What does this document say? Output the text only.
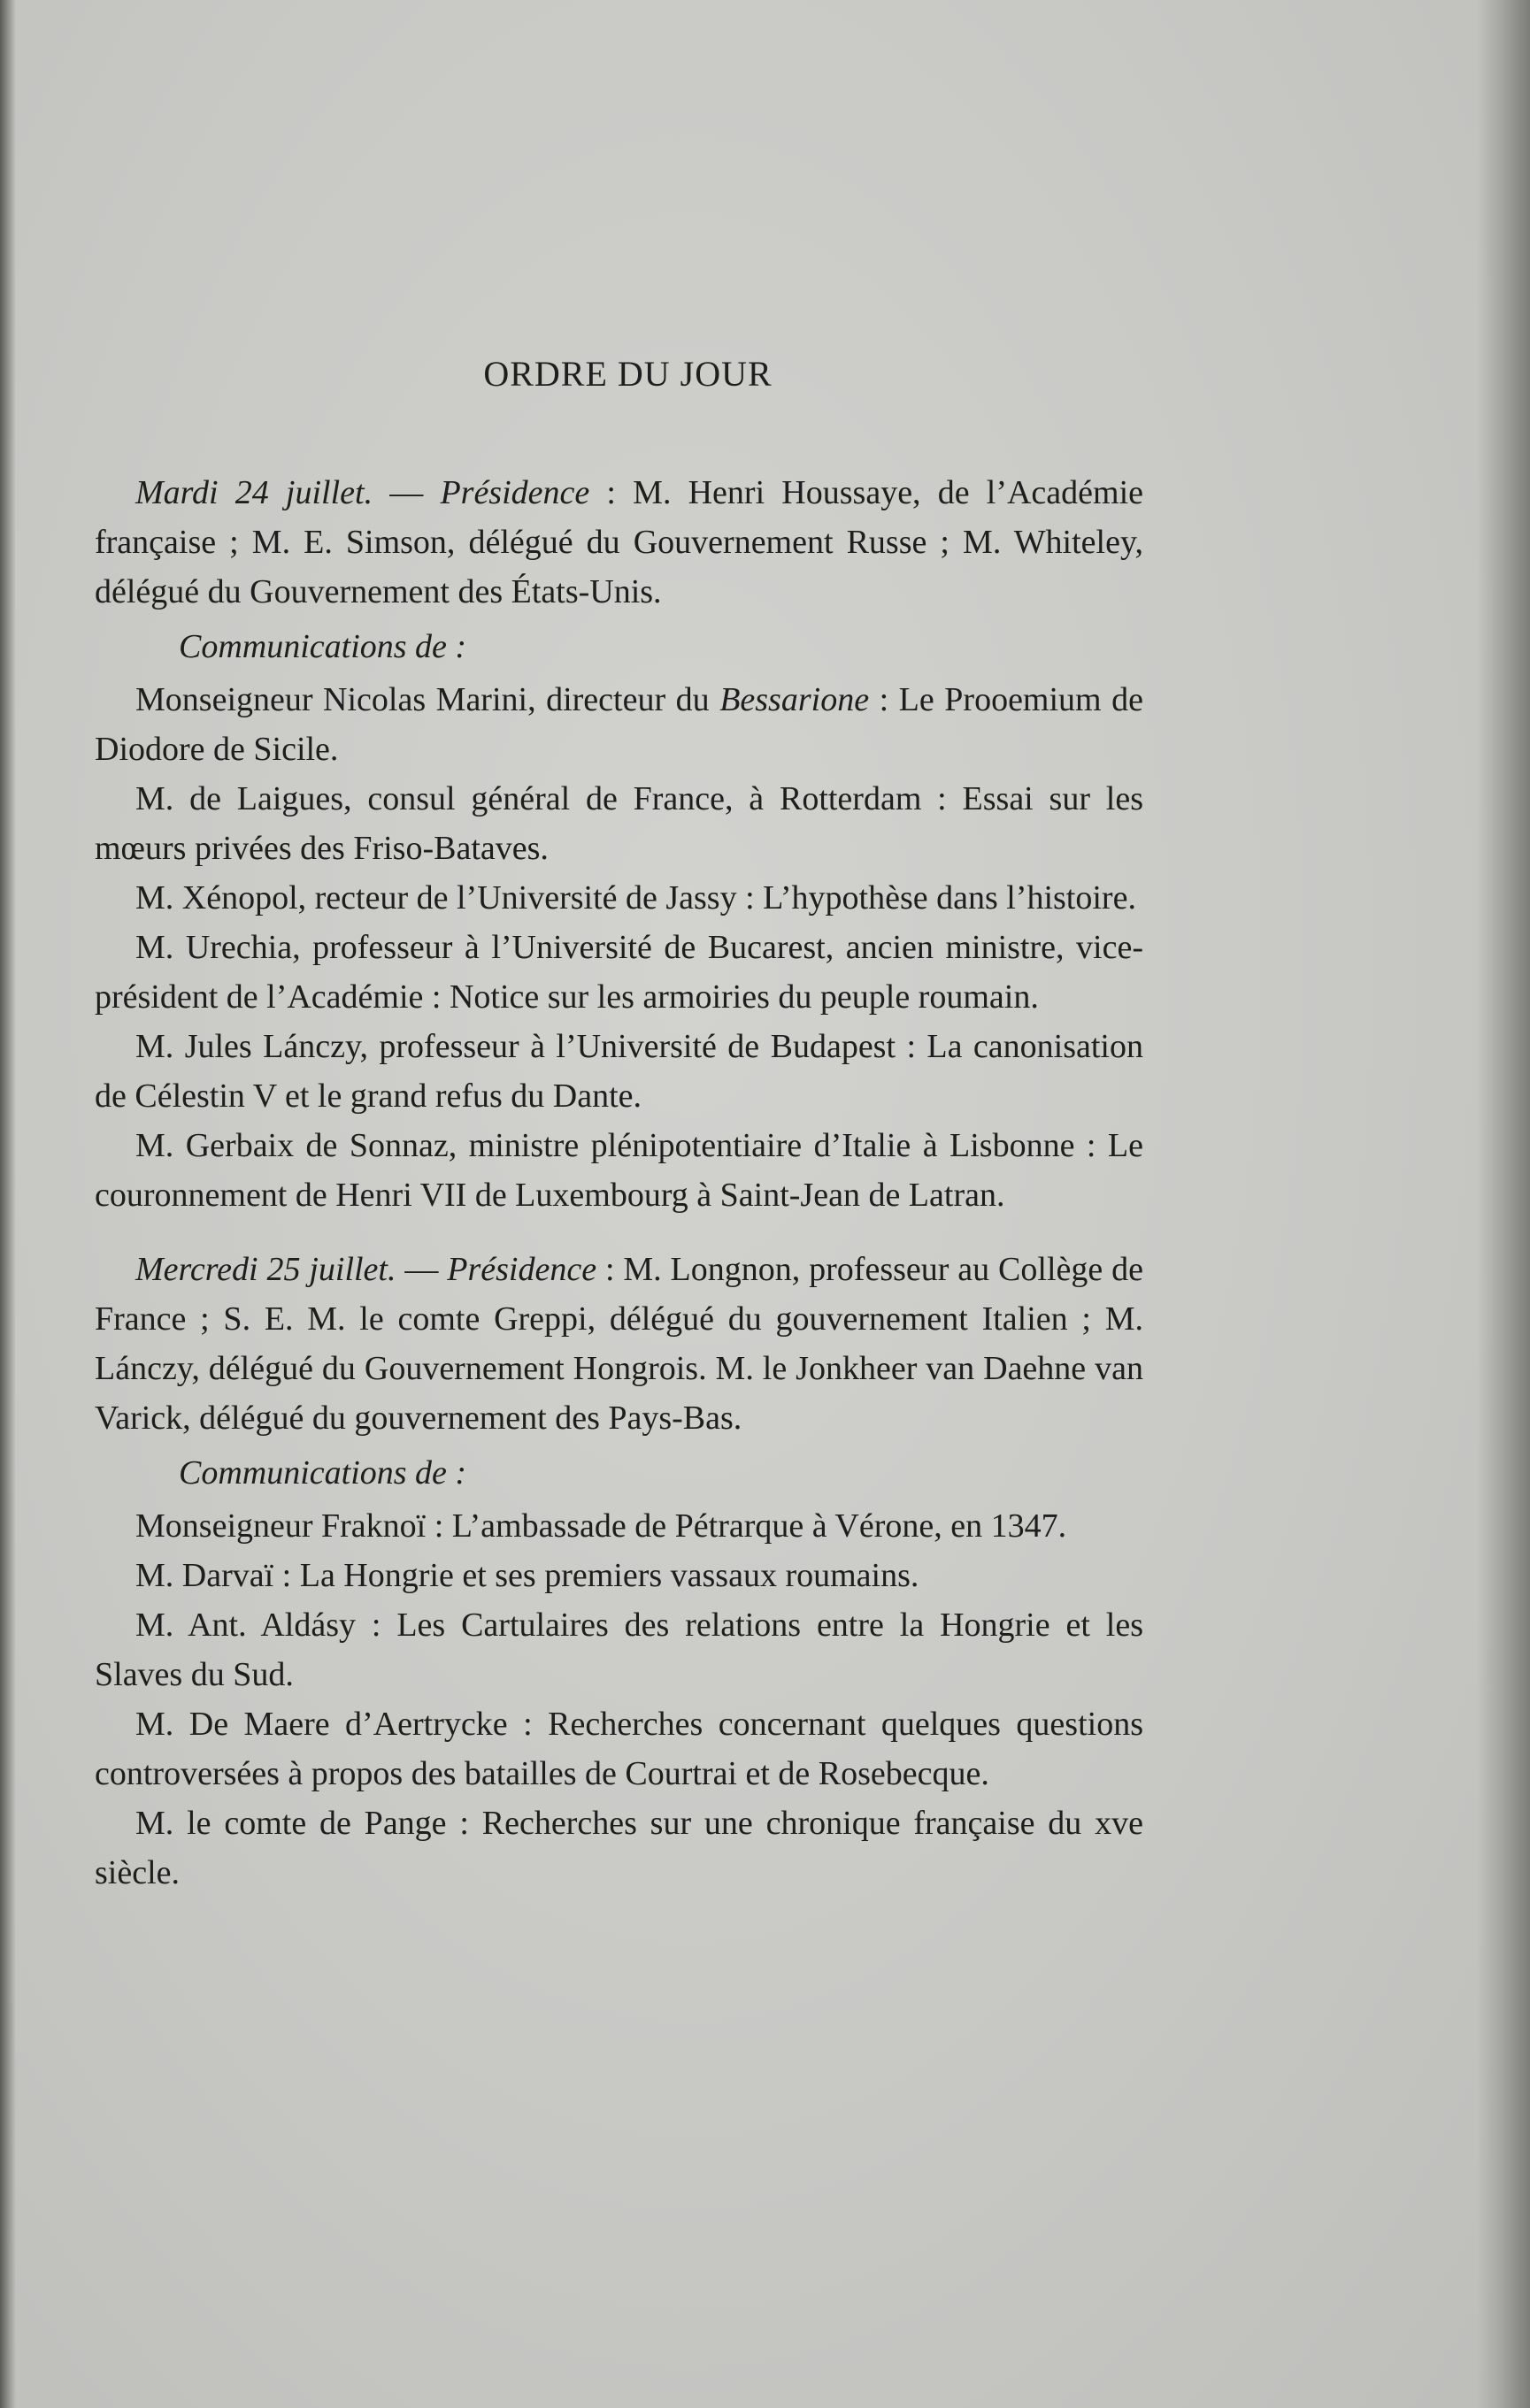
ORDRE DU JOUR

Mardi 24 juillet. — Présidence : M. Henri Houssaye, de l’Académie française ; M. E. Simson, délégué du Gouvernement Russe ; M. Whiteley, délégué du Gouvernement des États-Unis.

Communications de :

Monseigneur Nicolas Marini, directeur du Bessarione : Le Prooemium de Diodore de Sicile.

M. de Laigues, consul général de France, à Rotterdam : Essai sur les mœurs privées des Friso-Bataves.

M. Xénopol, recteur de l’Université de Jassy : L’hypothèse dans l’histoire.

M. Urechia, professeur à l’Université de Bucarest, ancien ministre, vice-président de l’Académie : Notice sur les armoiries du peuple roumain.

M. Jules Lánczy, professeur à l’Université de Budapest : La canonisation de Célestin V et le grand refus du Dante.

M. Gerbaix de Sonnaz, ministre plénipotentiaire d’Italie à Lisbonne : Le couronnement de Henri VII de Luxembourg à Saint-Jean de Latran.

Mercredi 25 juillet. — Présidence : M. Longnon, professeur au Collège de France ; S. E. M. le comte Greppi, délégué du gouvernement Italien ; M. Lánczy, délégué du Gouvernement Hongrois. M. le Jonkheer van Daehne van Varick, délégué du gouvernement des Pays-Bas.

Communications de :

Monseigneur Fraknoï : L’ambassade de Pétrarque à Vérone, en 1347.

M. Darvaï : La Hongrie et ses premiers vassaux roumains.

M. Ant. Aldásy : Les Cartulaires des relations entre la Hongrie et les Slaves du Sud.

M. De Maere d’Aertrycke : Recherches concernant quelques questions controversées à propos des batailles de Courtrai et de Rosebecque.

M. le comte de Pange : Recherches sur une chronique française du xve siècle.
